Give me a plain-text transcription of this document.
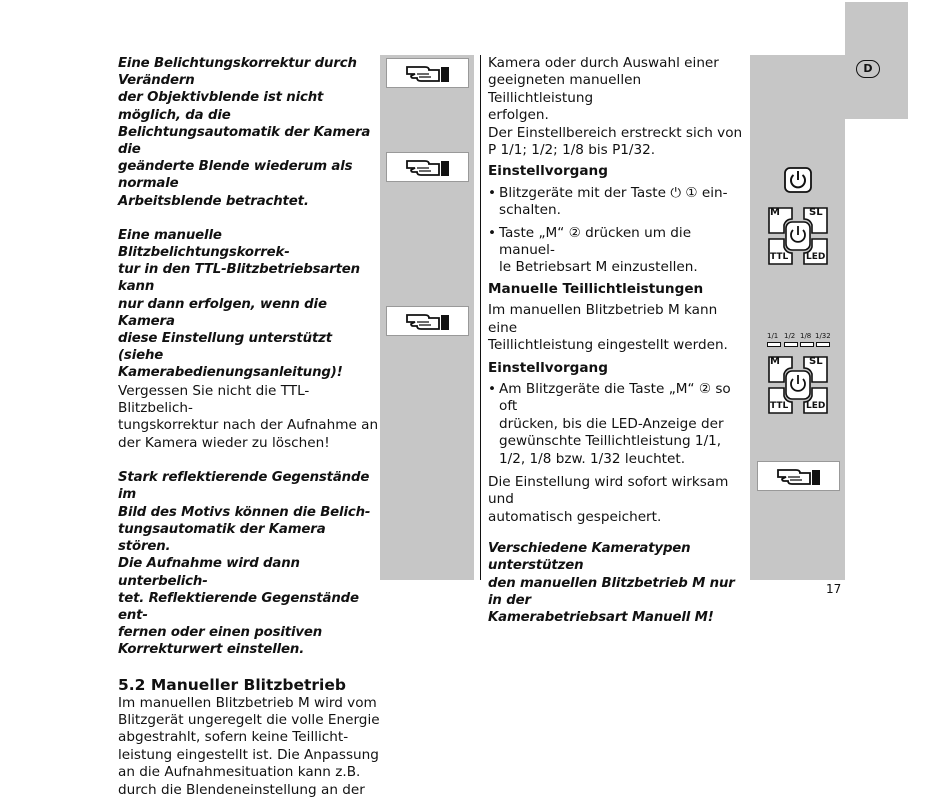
D
M	SL
TTL LED
1/1 1/2 1/8 1/32
M	SL
TTL LED

Eine Belichtungskorrektur durch Verändern
der Objektivblende ist nicht möglich, da die
Belichtungsautomatik der Kamera die
geänderte Blende wiederum als normale
Arbeitsblende betrachtet.

Eine manuelle Blitzbelichtungskorrek-
tur in den TTL-Blitzbetriebsarten kann
nur dann erfolgen, wenn die Kamera
diese Einstellung unterstützt (siehe
Kamerabedienungsanleitung)!

Vergessen Sie nicht die TTL-Blitzbelich-
tungskorrektur nach der Aufnahme an
der Kamera wieder zu löschen!

Stark reflektierende Gegenstände im
Bild des Motivs können die Belich-
tungsautomatik der Kamera stören.
Die Aufnahme wird dann unterbelich-
tet. Reflektierende Gegenstände ent-
fernen oder einen positiven
Korrekturwert einstellen.

5.2 Manueller Blitzbetrieb

Im manuellen Blitzbetrieb M wird vom
Blitzgerät ungeregelt die volle Energie
abgestrahlt, sofern keine Teillicht-
leistung eingestellt ist. Die Anpassung
an die Aufnahmesituation kann z.B.
durch die Blendeneinstellung an der

Kamera oder durch Auswahl einer
geeigneten manuellen Teillichtleistung
erfolgen.
Der Einstellbereich erstreckt sich von
P 1/1; 1/2; 1/8 bis P1/32.

Einstellvorgang

• Blitzgeräte mit der Taste ⏻ ① ein-
schalten.
• Taste „M“ ② drücken um die manuel-
le Betriebsart M einzustellen.

Manuelle Teillichtleistungen

Im manuellen Blitzbetrieb M kann eine
Teillichtleistung eingestellt werden.

Einstellvorgang

• Am Blitzgeräte die Taste „M“ ② so oft
drücken, bis die LED-Anzeige der
gewünschte Teillichtleistung 1/1,
1/2, 1/8 bzw. 1/32 leuchtet.

Die Einstellung wird sofort wirksam und
automatisch gespeichert.

Verschiedene Kameratypen unterstützen
den manuellen Blitzbetrieb M nur in der
Kamerabetriebsart Manuell M!

17
